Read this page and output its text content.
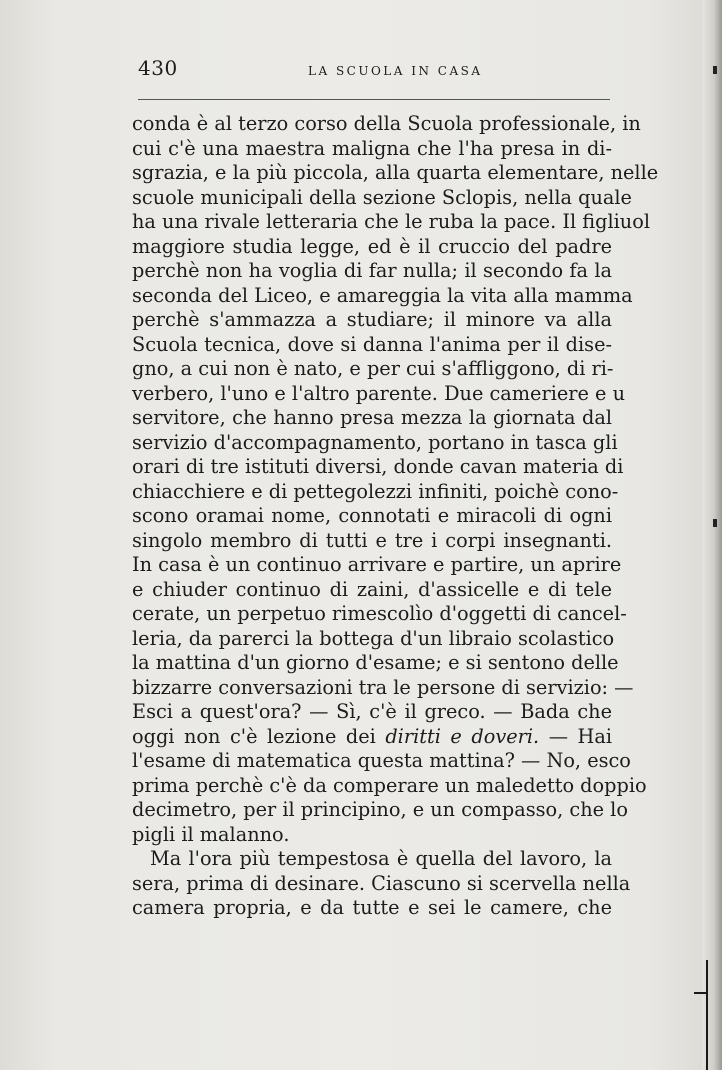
430	LA SCUOLA IN CASA
conda è al terzo corso della Scuola professionale, in
cui c'è una maestra maligna che l'ha presa in di-
sgrazia, e la più piccola, alla quarta elementare, nelle
scuole municipali della sezione Sclopis, nella quale
ha una rivale letteraria che le ruba la pace. Il figliuol
maggiore studia legge, ed è il cruccio del padre
perchè non ha voglia di far nulla; il secondo fa la
seconda del Liceo, e amareggia la vita alla mamma
perchè s'ammazza a studiare; il minore va alla
Scuola tecnica, dove si danna l'anima per il dise-
gno, a cui non è nato, e per cui s'affliggono, di ri-
verbero, l'uno e l'altro parente. Due cameriere e u
servitore, che hanno presa mezza la giornata dal
servizio d'accompagnamento, portano in tasca gli
orari di tre istituti diversi, donde cavan materia di
chiacchiere e di pettegolezzi infiniti, poichè cono-
scono oramai nome, connotati e miracoli di ogni
singolo membro di tutti e tre i corpi insegnanti.
In casa è un continuo arrivare e partire, un aprire
e chiuder continuo di zaini, d'assicelle e di tele
cerate, un perpetuo rimescolìo d'oggetti di cancel-
leria, da parerci la bottega d'un libraio scolastico
la mattina d'un giorno d'esame; e si sentono delle
bizzarre conversazioni tra le persone di servizio: —
Esci a quest'ora? — Sì, c'è il greco. — Bada che
oggi non c'è lezione dei diritti e doveri. — Hai
l'esame di matematica questa mattina? — No, esco
prima perchè c'è da comperare un maledetto doppio
decimetro, per il principino, e un compasso, che lo
pigli il malanno.
Ma l'ora più tempestosa è quella del lavoro, la
sera, prima di desinare. Ciascuno si scervella nella
camera propria, e da tutte e sei le camere, che
